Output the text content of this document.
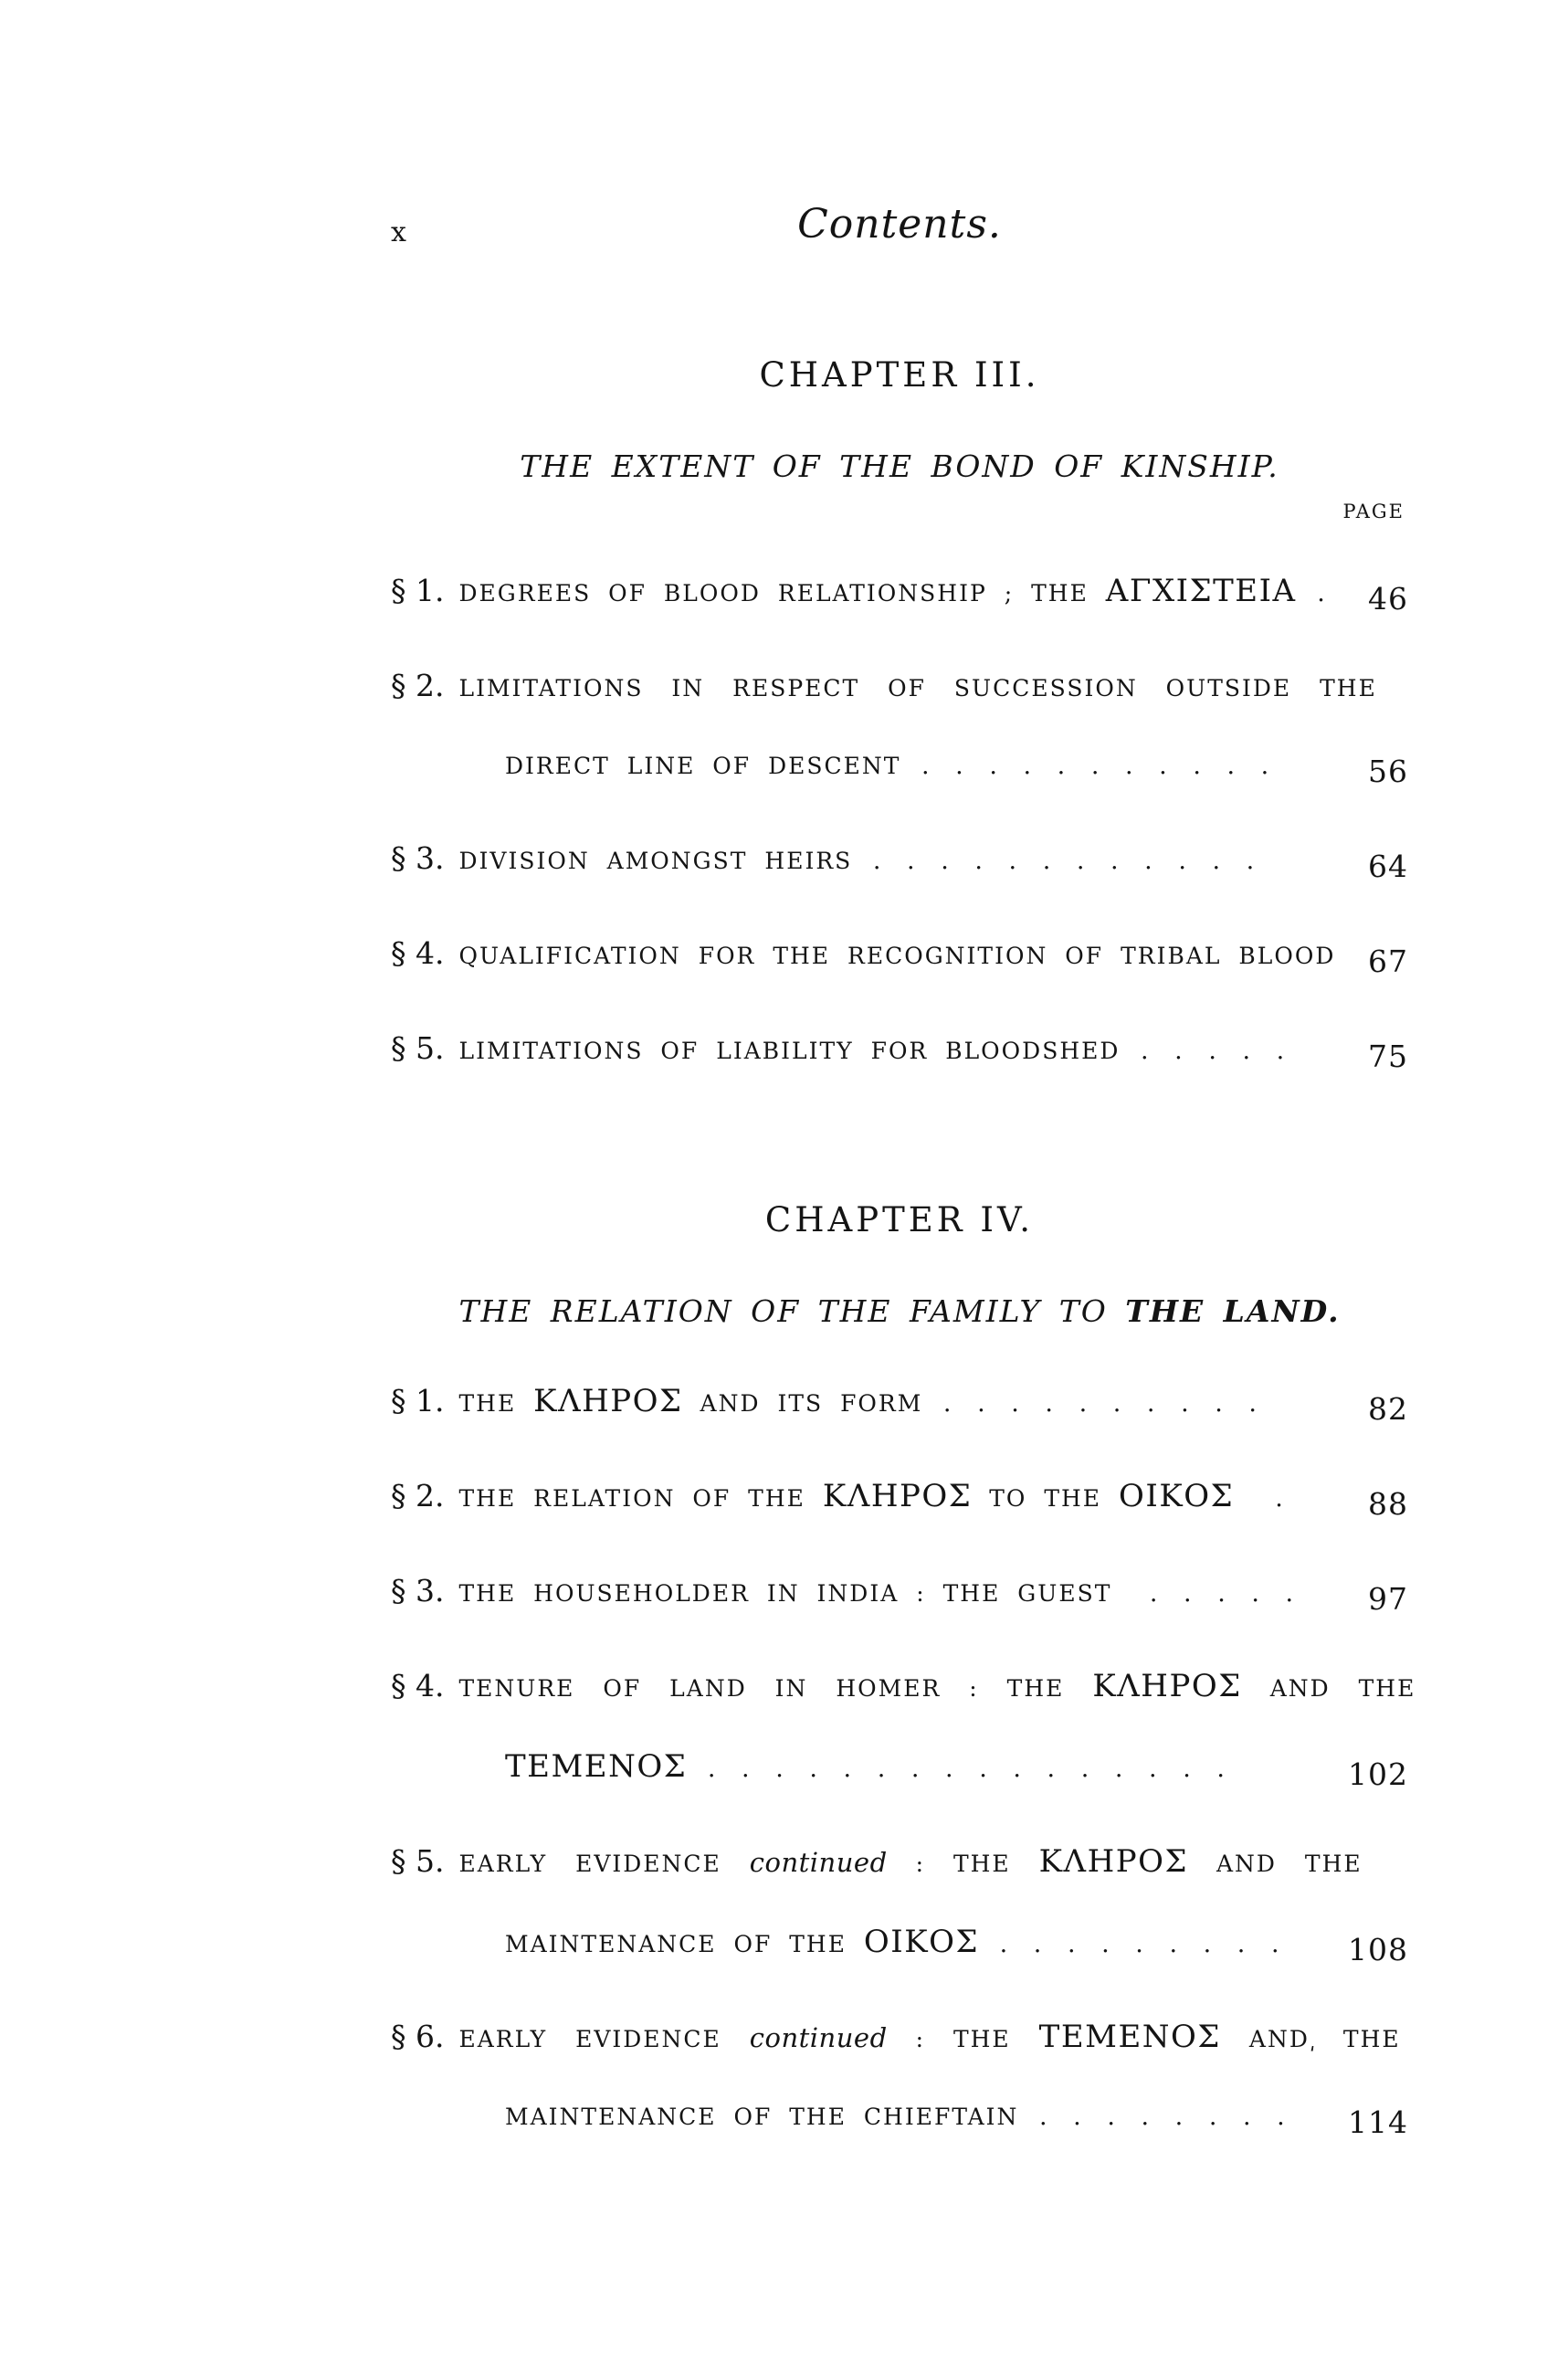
x	Contents.
CHAPTER III.

THE EXTENT OF THE BOND OF KINSHIP.

PAGE
§ 1. DEGREES OF BLOOD RELATIONSHIP ; THE ΑΓΧΙΣΤΕΙΑ . 46
§ 2. LIMITATIONS IN RESPECT OF SUCCESSION OUTSIDE THE
DIRECT LINE OF DESCENT . . . . . . . . . . .	56
§ 3. DIVISION AMONGST HEIRS . . . . . . . . . . . .	64
§ 4. QUALIFICATION FOR THE RECOGNITION OF TRIBAL BLOOD 67
§ 5. LIMITATIONS OF LIABILITY FOR BLOODSHED . . . . .	75
CHAPTER IV.

THE RELATION OF THE FAMILY TO THE LAND.

§ 1. THE ΚΛΗΡΟΣ AND ITS FORM . . . . . . . . . .	82
§ 2. THE RELATION OF THE ΚΛΗΡΟΣ TO THE ΟΙΚΟΣ  .	88
§ 3. THE HOUSEHOLDER IN INDIA : THE GUEST  . . . . . 97
§ 4. TENURE OF LAND IN HOMER : THE ΚΛΗΡΟΣ AND THE
ΤΕΜΕΝΟΣ . . . . . . . . . . . . . . . .	102
§ 5. EARLY EVIDENCE continued : THE ΚΛΗΡΟΣ AND THE
MAINTENANCE OF THE ΟΙΚΟΣ . . . . . . . . . 108
§ 6. EARLY EVIDENCE continued : THE ΤΕΜΕΝΟΣ AND͵ THE
MAINTENANCE OF THE CHIEFTAIN . . . . . . . . 114
